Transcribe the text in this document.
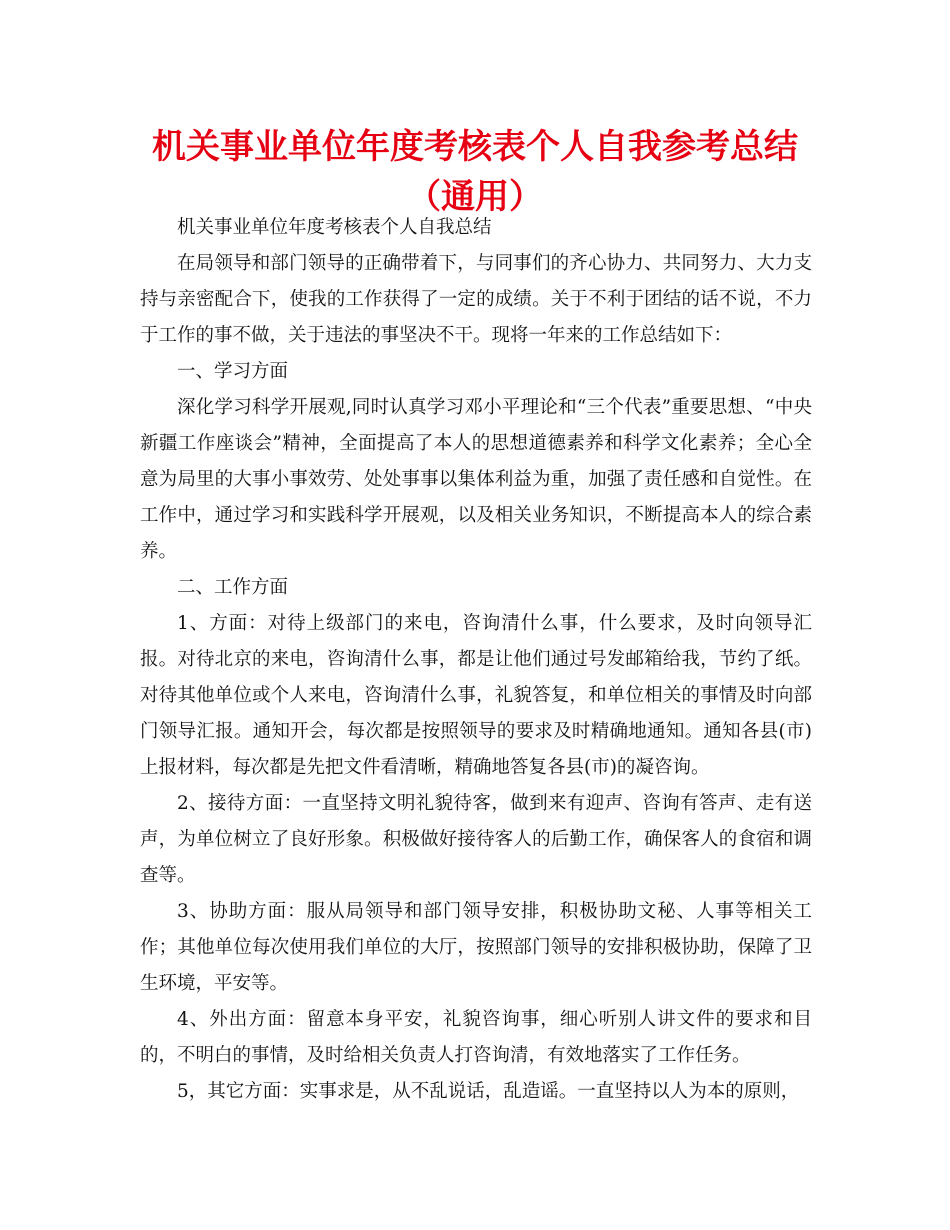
机关事业单位年度考核表个人自我参考总结（通用）

机关事业单位年度考核表个人自我总结

在局领导和部门领导的正确带着下，与同事们的齐心协力、共同努力、大力支持与亲密配合下，使我的工作获得了一定的成绩。关于不利于团结的话不说，不力于工作的事不做，关于违法的事坚决不干。现将一年来的工作总结如下：

一、学习方面

深化学习科学开展观,同时认真学习邓小平理论和“三个代表”重要思想、“中央新疆工作座谈会”精神，全面提高了本人的思想道德素养和科学文化素养；全心全意为局里的大事小事效劳、处处事事以集体利益为重，加强了责任感和自觉性。在工作中，通过学习和实践科学开展观，以及相关业务知识，不断提高本人的综合素养。

二、工作方面

1、方面：对待上级部门的来电，咨询清什么事，什么要求，及时向领导汇报。对待北京的来电，咨询清什么事，都是让他们通过号发邮箱给我，节约了纸。对待其他单位或个人来电，咨询清什么事，礼貌答复，和单位相关的事情及时向部门领导汇报。通知开会，每次都是按照领导的要求及时精确地通知。通知各县(市)上报材料，每次都是先把文件看清晰，精确地答复各县(市)的凝咨询。

2、接待方面：一直坚持文明礼貌待客，做到来有迎声、咨询有答声、走有送声，为单位树立了良好形象。积极做好接待客人的后勤工作，确保客人的食宿和调查等。

3、协助方面：服从局领导和部门领导安排，积极协助文秘、人事等相关工作；其他单位每次使用我们单位的大厅，按照部门领导的安排积极协助，保障了卫生环境，平安等。

4、外出方面：留意本身平安，礼貌咨询事，细心听别人讲文件的要求和目的，不明白的事情，及时给相关负责人打咨询清，有效地落实了工作任务。

5，其它方面：实事求是，从不乱说话，乱造谣。一直坚持以人为本的原则，
